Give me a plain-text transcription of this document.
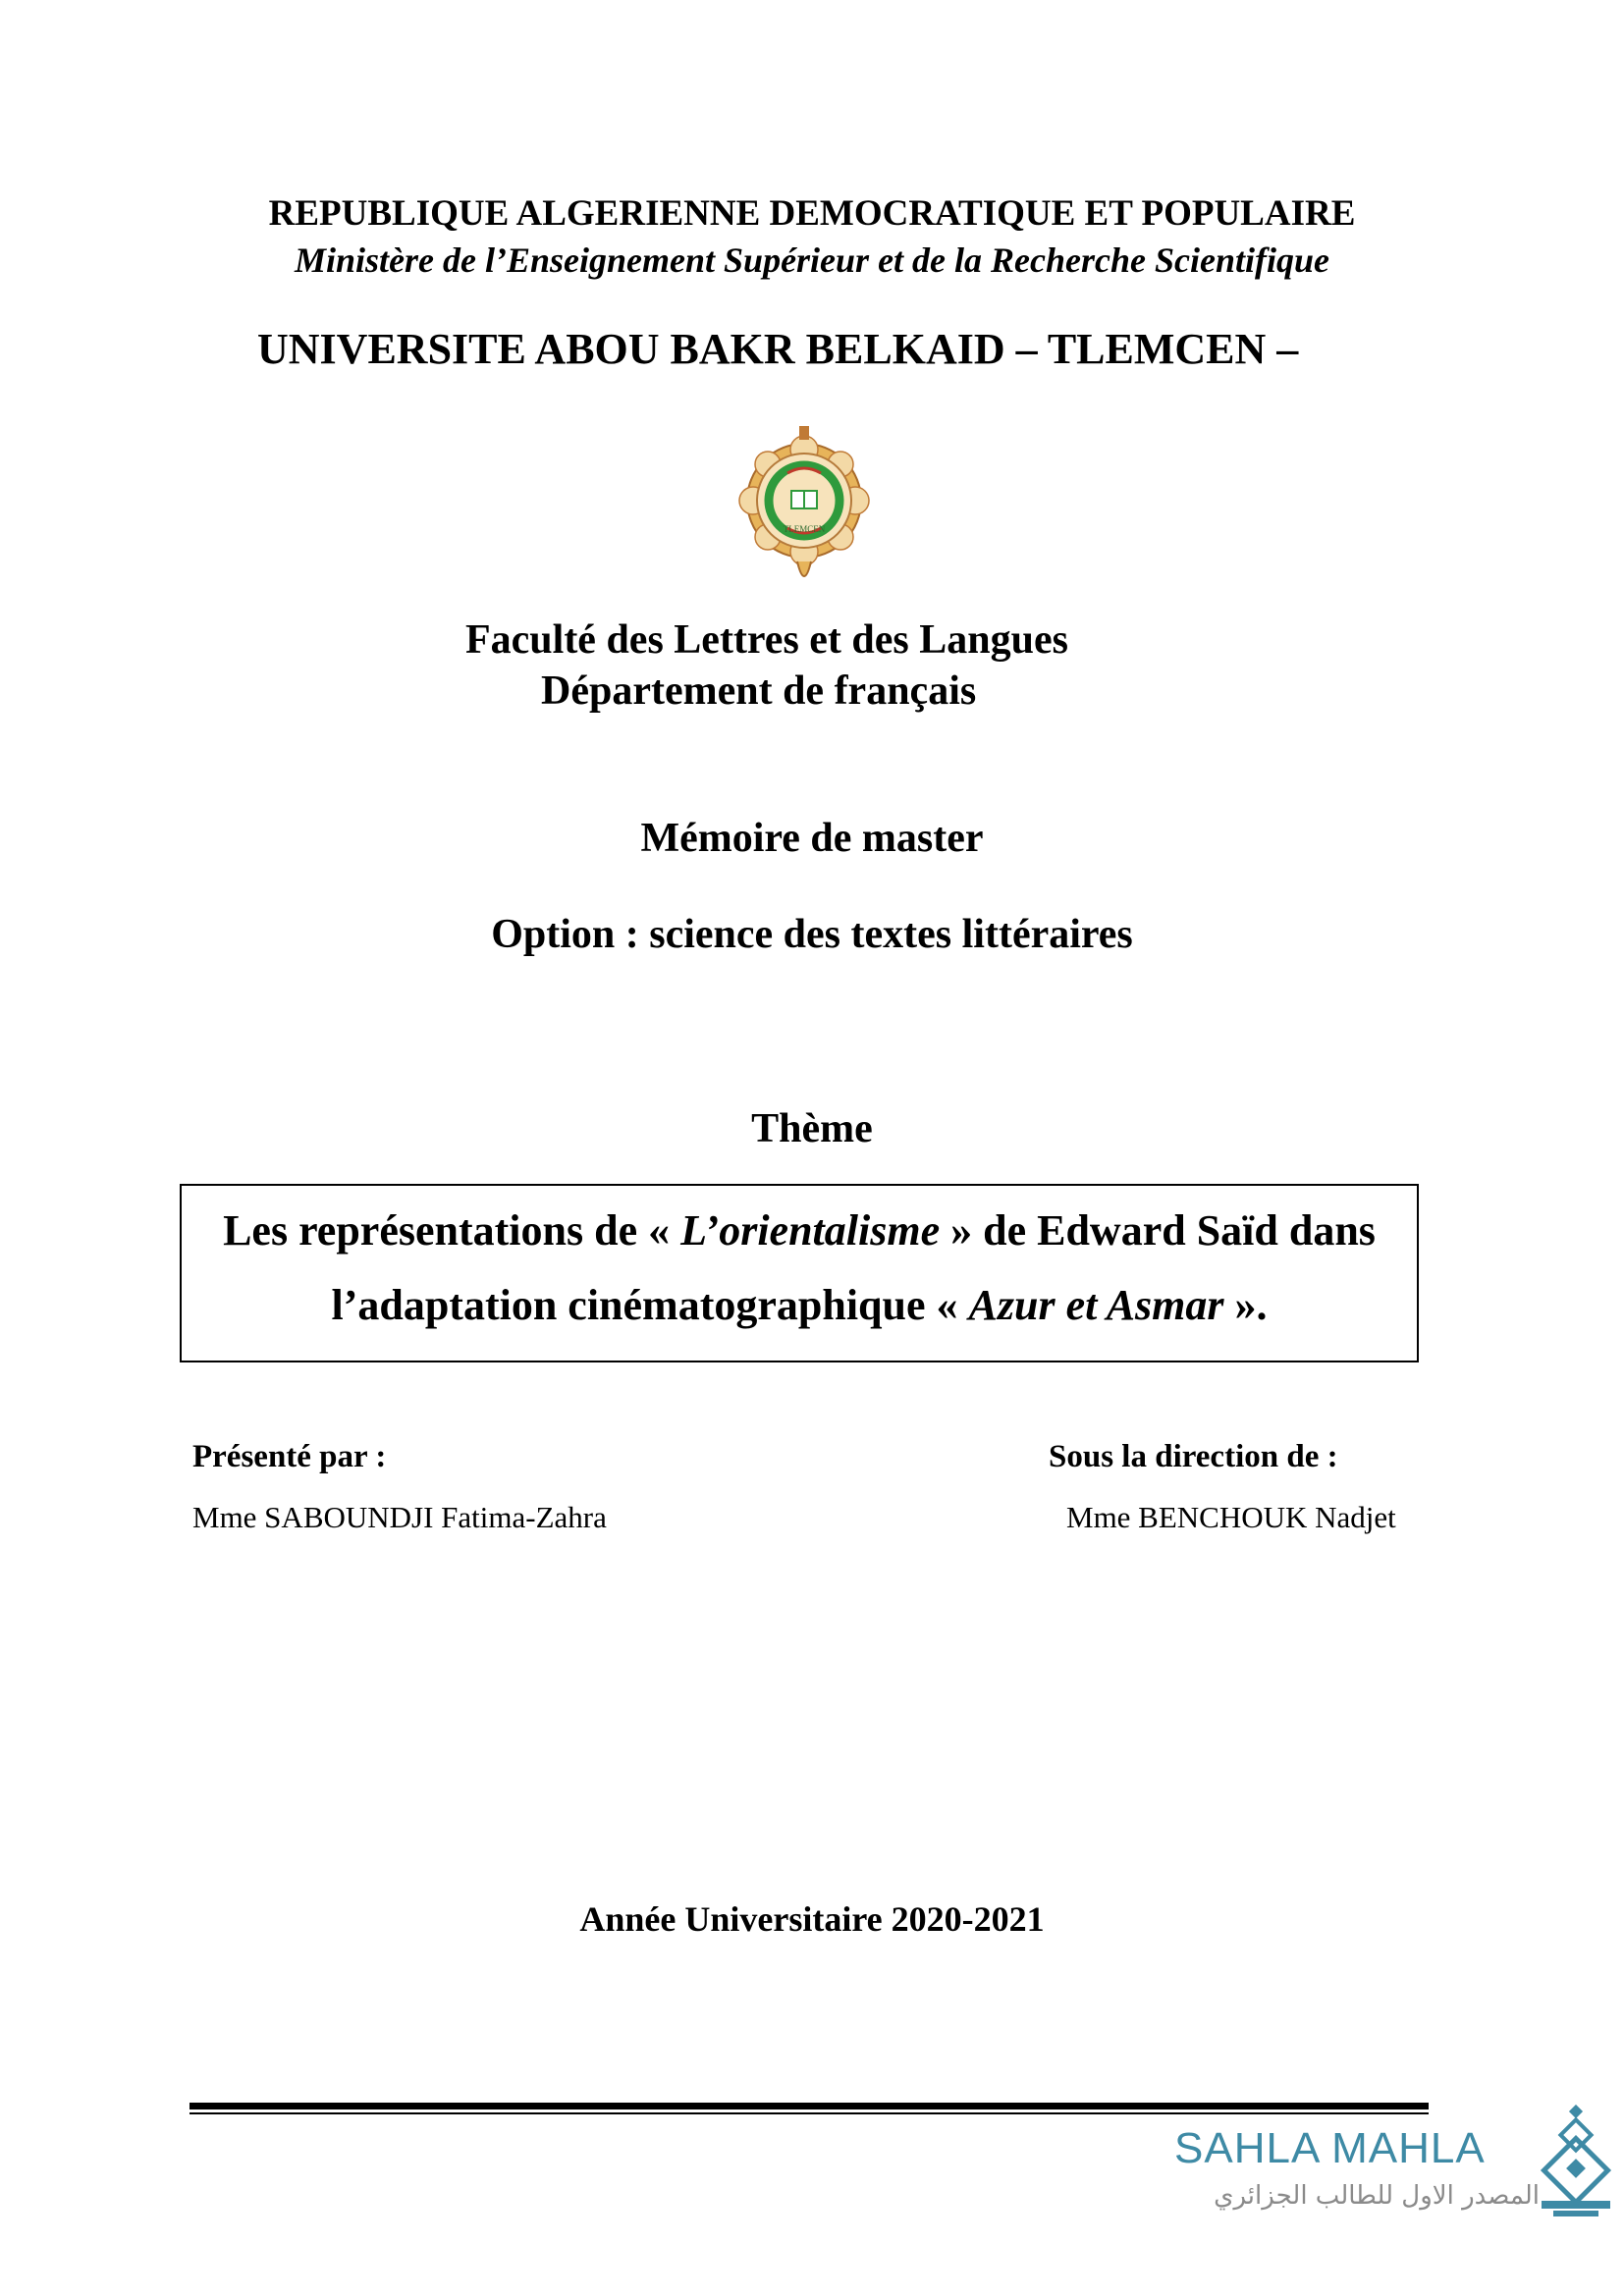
REPUBLIQUE ALGERIENNE DEMOCRATIQUE ET POPULAIRE
Ministère de l’Enseignement Supérieur et de la Recherche Scientifique
UNIVERSITE ABOU BAKR BELKAID – TLEMCEN –
TLEMCEN
Faculté des Lettres et des Langues
Département de français
Mémoire de master
Option : science des textes littéraires
Thème
Les représentations de « L’orientalisme » de Edward Saïd dans
l’adaptation cinématographique « Azur et Asmar ».
Présenté par :
Mme SABOUNDJI Fatima-Zahra
Sous la direction de :
Mme BENCHOUK Nadjet
Année Universitaire 2020-2021
SAHLA MAHLA
المصدر الاول للطالب الجزائري
